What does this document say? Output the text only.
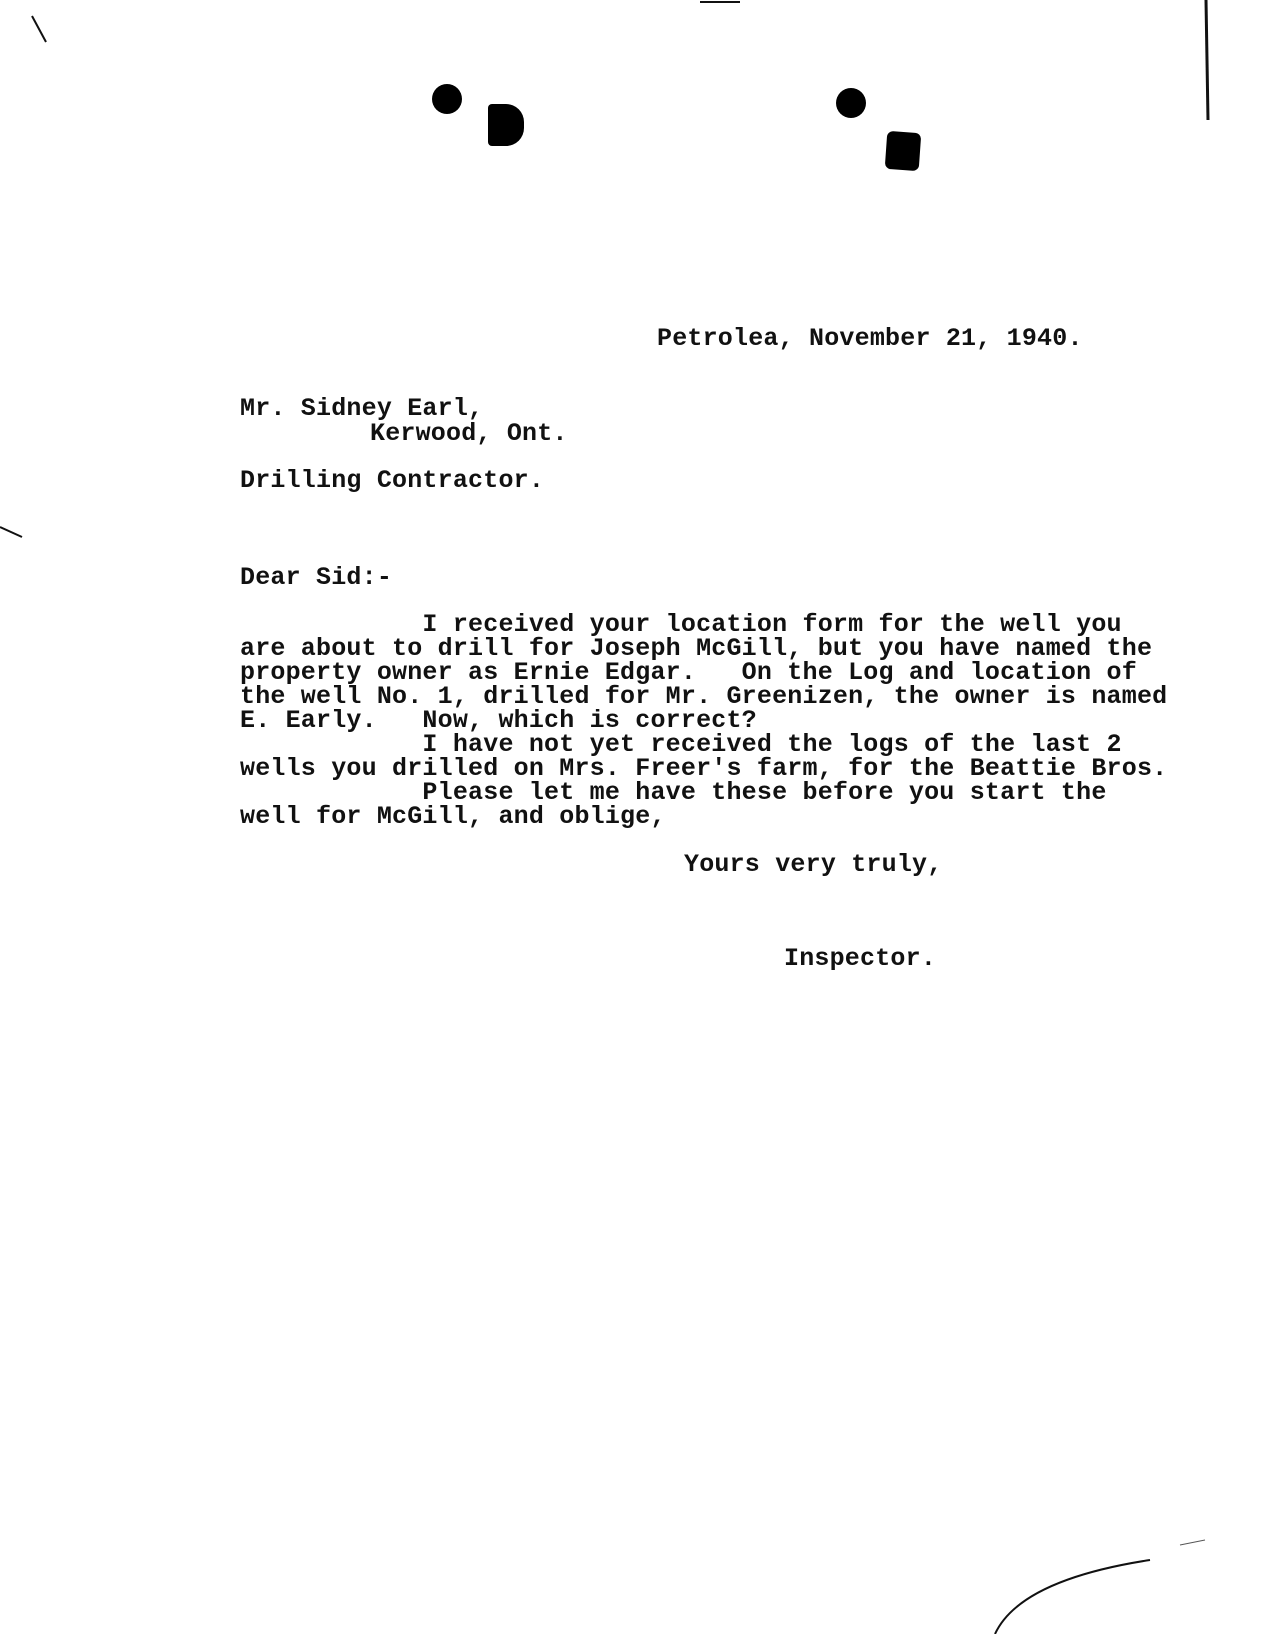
Petrolea, November 21, 1940.
Mr. Sidney Earl,
Kerwood, Ont.
Drilling Contractor.
Dear Sid:-
I received your location form for the well you
are about to drill for Joseph McGill, but you have named the
property owner as Ernie Edgar.   On the Log and location of
the well No. 1, drilled for Mr. Greenizen, the owner is named
E. Early.   Now, which is correct?
I have not yet received the logs of the last 2
wells you drilled on Mrs. Freer's farm, for the Beattie Bros.
Please let me have these before you start the
well for McGill, and oblige,
Yours very truly,
Inspector.
